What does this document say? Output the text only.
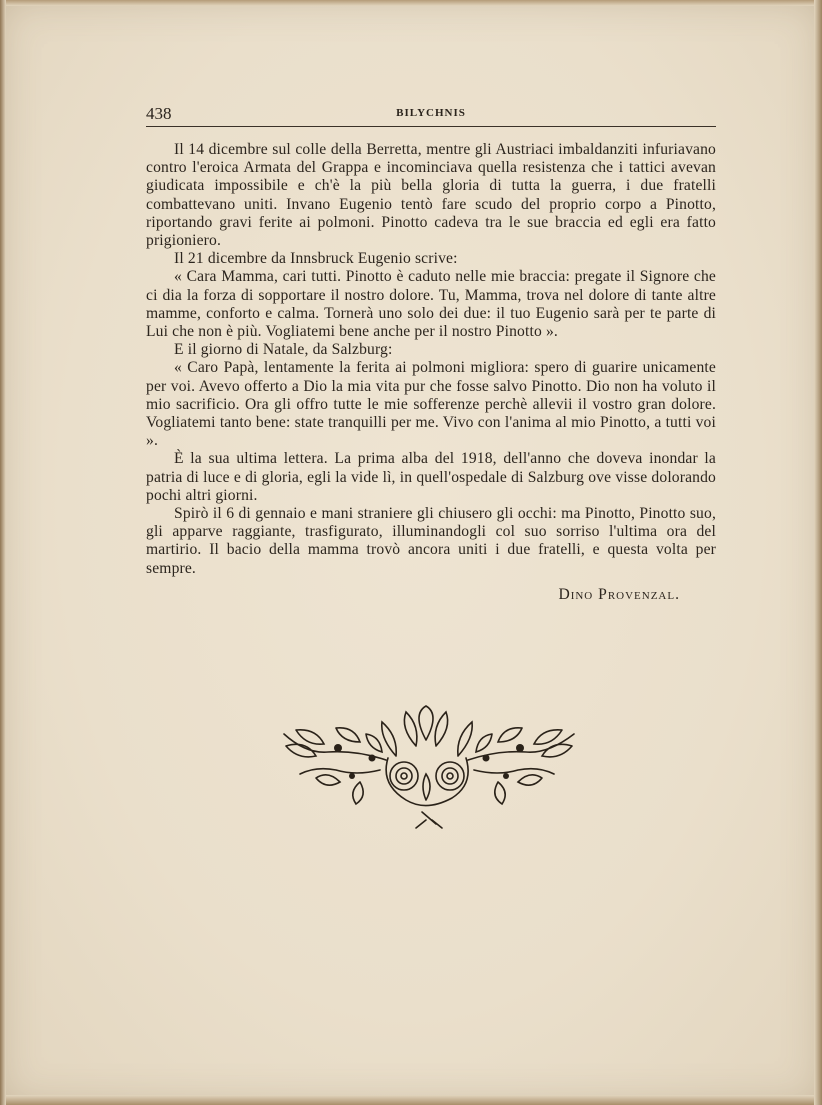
438	BILYCHNIS

Il 14 dicembre sul colle della Berretta, mentre gli Austriaci imbaldanziti infuriavano contro l'eroica Armata del Grappa e incominciava quella resistenza che i tattici avevan giudicata impossibile e ch'è la più bella gloria di tutta la guerra, i due fratelli combattevano uniti. Invano Eugenio tentò fare scudo del proprio corpo a Pinotto, riportando gravi ferite ai polmoni. Pinotto cadeva tra le sue braccia ed egli era fatto prigioniero.

Il 21 dicembre da Innsbruck Eugenio scrive:

« Cara Mamma, cari tutti. Pinotto è caduto nelle mie braccia: pregate il Signore che ci dia la forza di sopportare il nostro dolore. Tu, Mamma, trova nel dolore di tante altre mamme, conforto e calma. Tornerà uno solo dei due: il tuo Eugenio sarà per te parte di Lui che non è più. Vogliatemi bene anche per il nostro Pinotto ».

E il giorno di Natale, da Salzburg:

« Caro Papà, lentamente la ferita ai polmoni migliora: spero di guarire unicamente per voi. Avevo offerto a Dio la mia vita pur che fosse salvo Pinotto. Dio non ha voluto il mio sacrificio. Ora gli offro tutte le mie sofferenze perchè allevii il vostro gran dolore. Vogliatemi tanto bene: state tranquilli per me. Vivo con l'anima al mio Pinotto, a tutti voi ».

È la sua ultima lettera. La prima alba del 1918, dell'anno che doveva inondar la patria di luce e di gloria, egli la vide lì, in quell'ospedale di Salzburg ove visse dolorando pochi altri giorni.

Spirò il 6 di gennaio e mani straniere gli chiusero gli occhi: ma Pinotto, Pinotto suo, gli apparve raggiante, trasfigurato, illuminandogli col suo sorriso l'ultima ora del martirio. Il bacio della mamma trovò ancora uniti i due fratelli, e questa volta per sempre.

Dino Provenzal.
